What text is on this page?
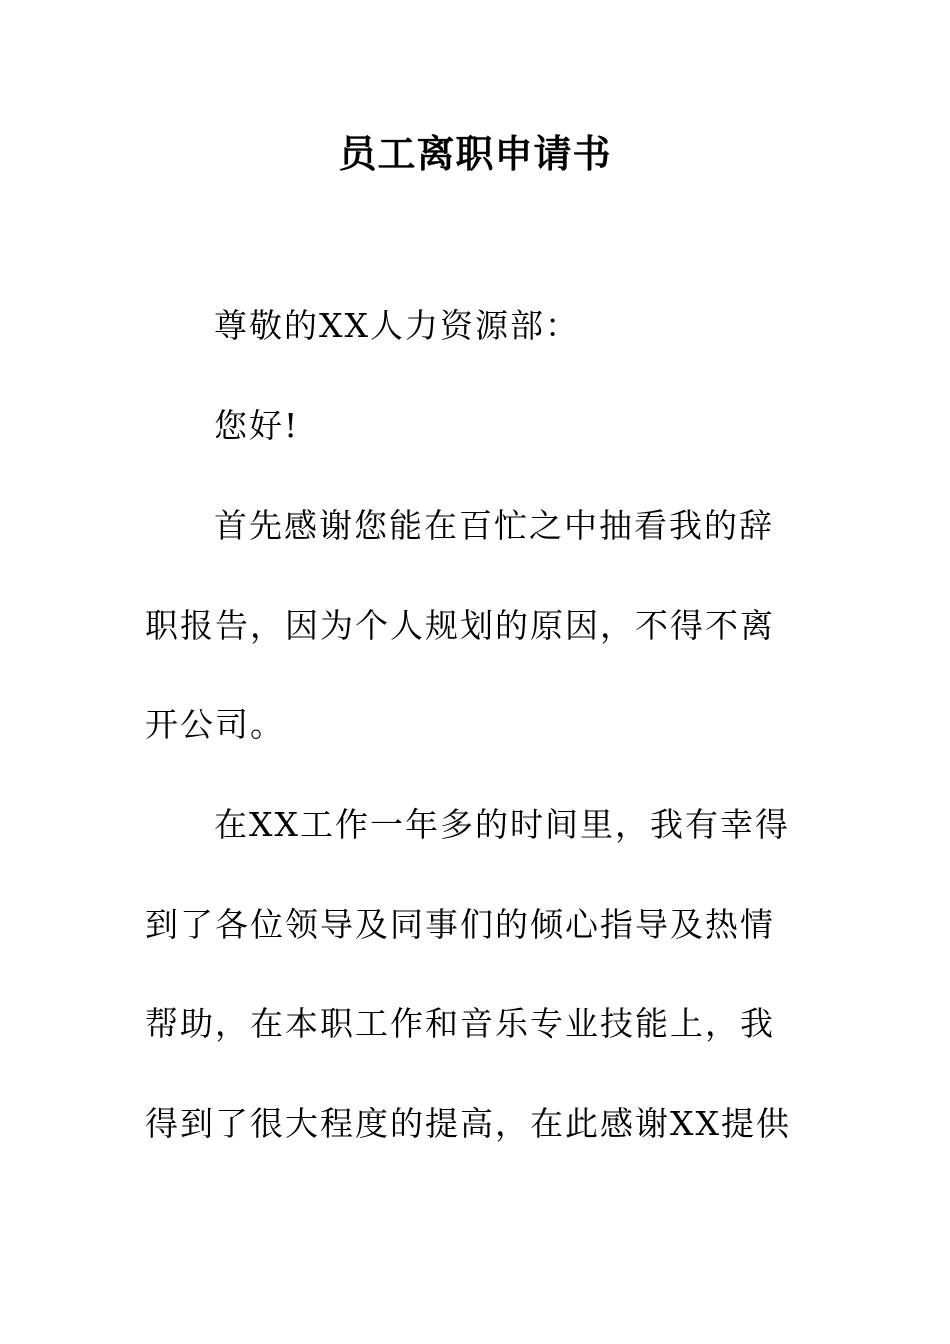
员工离职申请书
尊敬的XX人力资源部：
您好!
首先感谢您能在百忙之中抽看我的辞
职报告，因为个人规划的原因，不得不离
开公司。
在XX工作一年多的时间里，我有幸得
到了各位领导及同事们的倾心指导及热情
帮助，在本职工作和音乐专业技能上，我
得到了很大程度的提高，在此感谢XX提供
